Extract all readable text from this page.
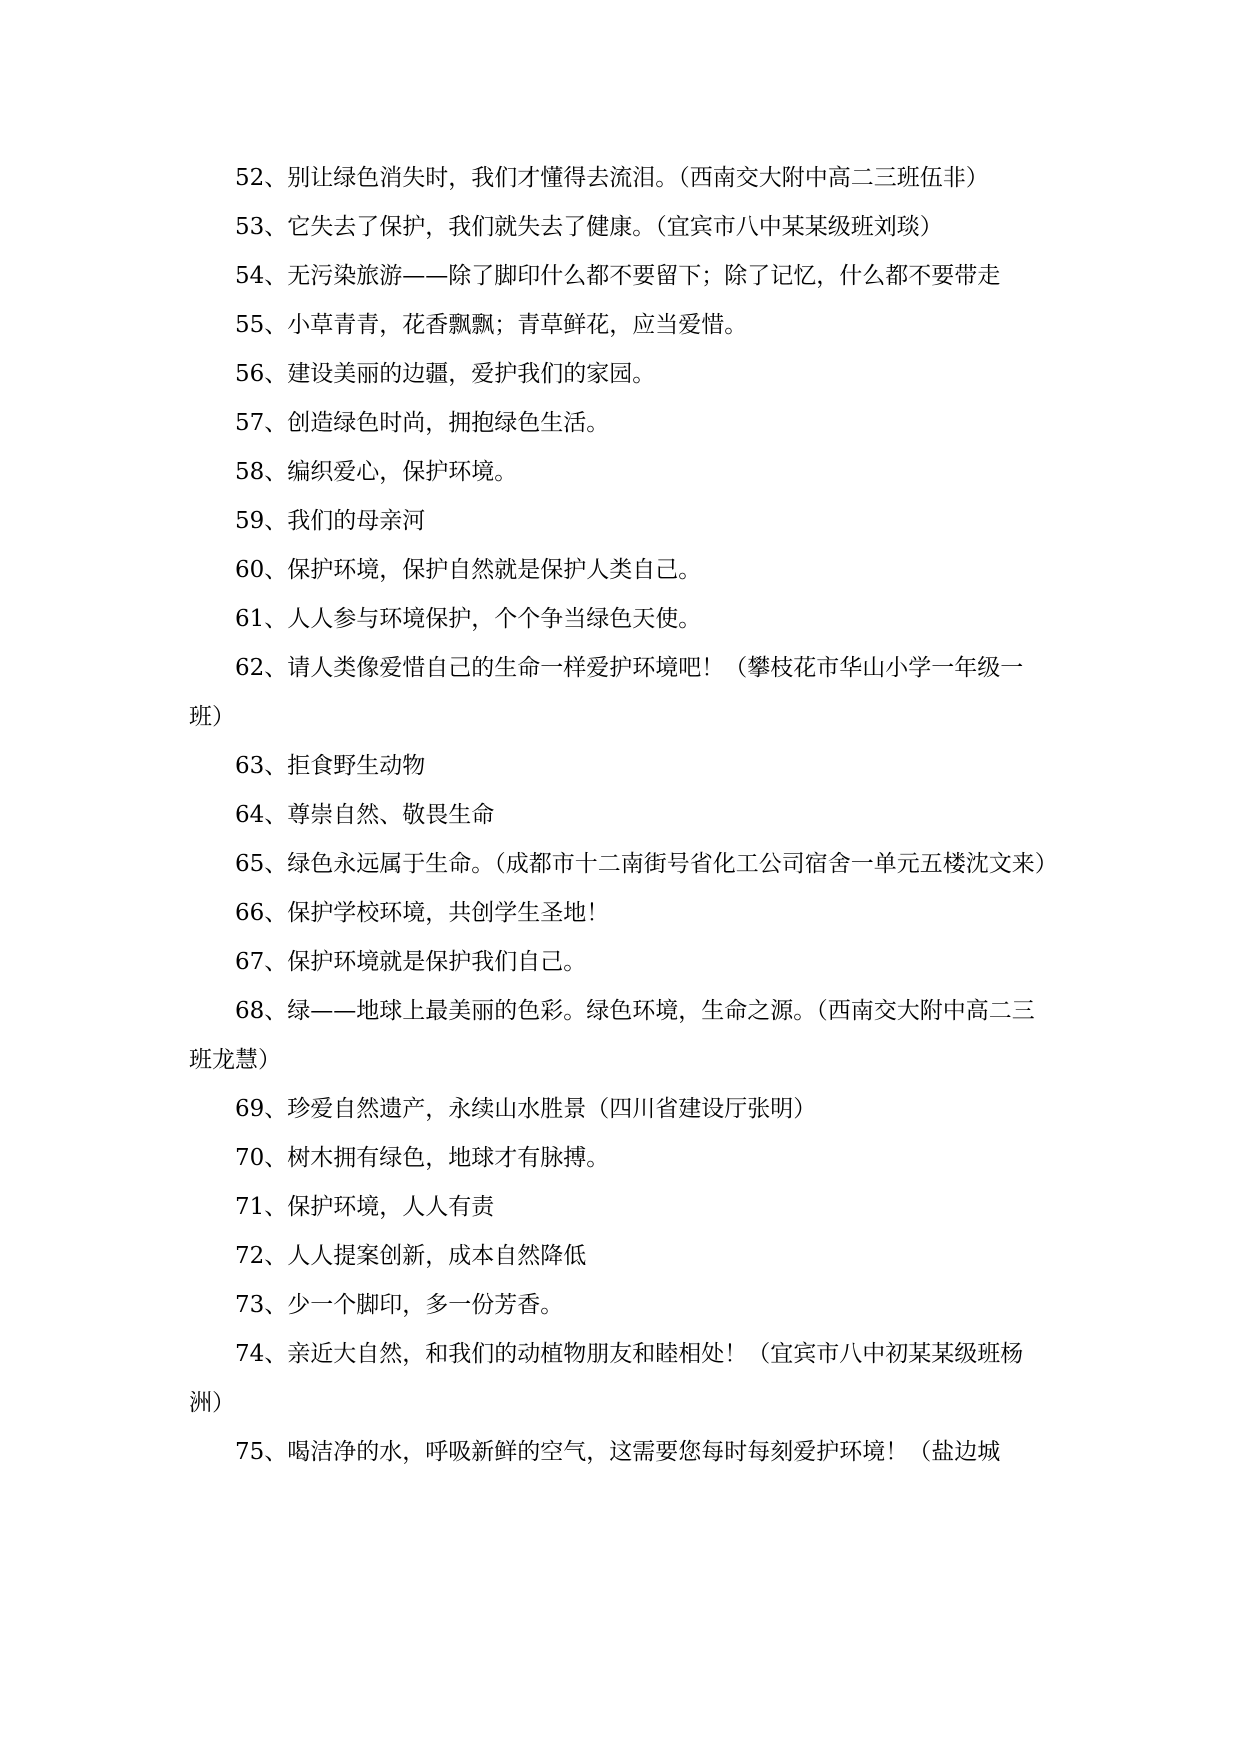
52、别让绿色消失时，我们才懂得去流泪。（西南交大附中高二三班伍非）

53、它失去了保护，我们就失去了健康。（宜宾市八中某某级班刘琰）

54、无污染旅游——除了脚印什么都不要留下；除了记忆，什么都不要带走

55、小草青青，花香飘飘；青草鲜花，应当爱惜。

56、建设美丽的边疆，爱护我们的家园。

57、创造绿色时尚，拥抱绿色生活。

58、编织爱心，保护环境。

59、我们的母亲河

60、保护环境，保护自然就是保护人类自己。

61、人人参与环境保护，个个争当绿色天使。

62、请人类像爱惜自己的生命一样爱护环境吧！（攀枝花市华山小学一年级一班）

63、拒食野生动物

64、尊崇自然、敬畏生命

65、绿色永远属于生命。（成都市十二南街号省化工公司宿舍一单元五楼沈文来）

66、保护学校环境，共创学生圣地！

67、保护环境就是保护我们自己。

68、绿——地球上最美丽的色彩。绿色环境，生命之源。（西南交大附中高二三班龙慧）

69、珍爱自然遗产，永续山水胜景（四川省建设厅张明）

70、树木拥有绿色，地球才有脉搏。

71、保护环境，人人有责

72、人人提案创新，成本自然降低

73、少一个脚印，多一份芳香。

74、亲近大自然，和我们的动植物朋友和睦相处！（宜宾市八中初某某级班杨洲）

75、喝洁净的水，呼吸新鲜的空气，这需要您每时每刻爱护环境！（盐边城
